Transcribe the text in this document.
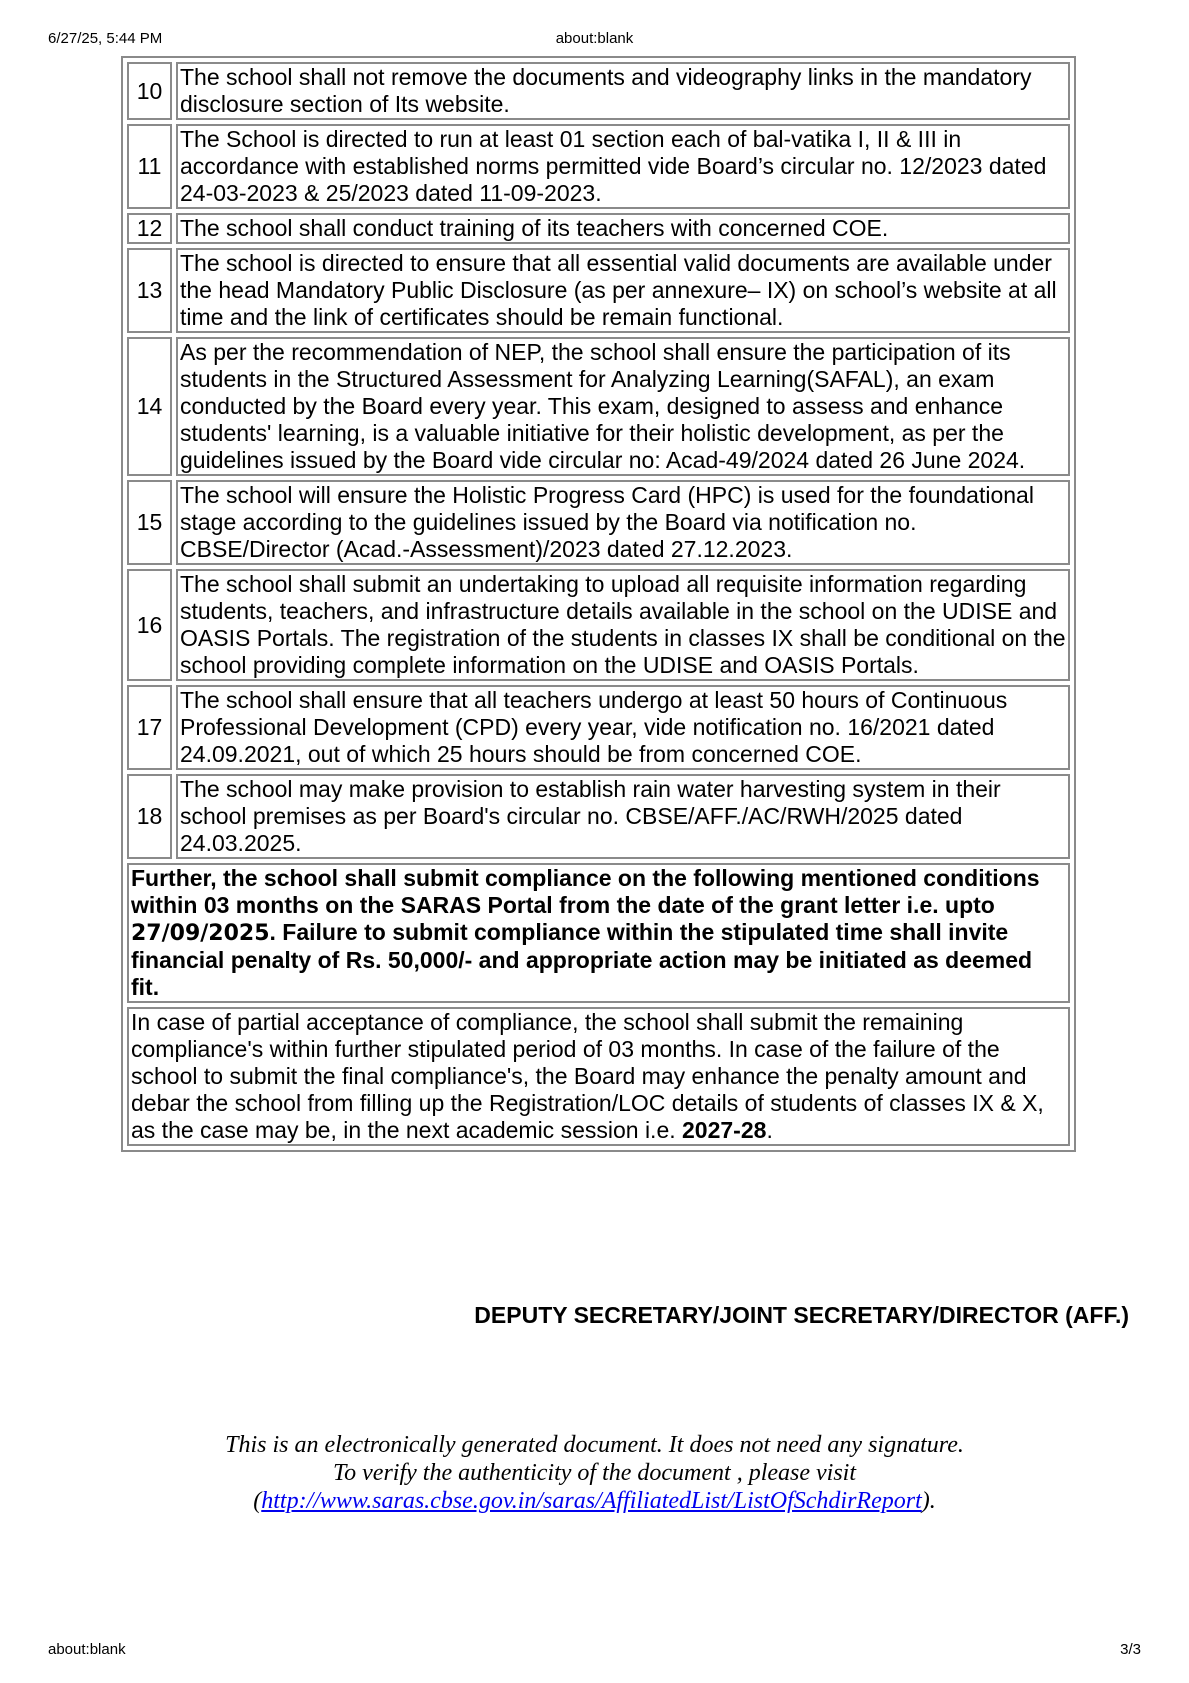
6/27/25, 5:44 PM	about:blank
10	The school shall not remove the documents and videography links in the mandatory disclosure section of Its website.
11	The School is directed to run at least 01 section each of bal-vatika I, II & III in accordance with established norms permitted vide Board’s circular no. 12/2023 dated 24-03-2023 & 25/2023 dated 11-09-2023.
12	The school shall conduct training of its teachers with concerned COE.
13	The school is directed to ensure that all essential valid documents are available under the head Mandatory Public Disclosure (as per annexure– IX) on school’s website at all time and the link of certificates should be remain functional.
14	As per the recommendation of NEP, the school shall ensure the participation of its students in the Structured Assessment for Analyzing Learning(SAFAL), an exam conducted by the Board every year. This exam, designed to assess and enhance students' learning, is a valuable initiative for their holistic development, as per the guidelines issued by the Board vide circular no: Acad-49/2024 dated 26 June 2024.
15	The school will ensure the Holistic Progress Card (HPC) is used for the foundational stage according to the guidelines issued by the Board via notification no. CBSE/Director (Acad.-Assessment)/2023 dated 27.12.2023.
16	The school shall submit an undertaking to upload all requisite information regarding students, teachers, and infrastructure details available in the school on the UDISE and OASIS Portals. The registration of the students in classes IX shall be conditional on the school providing complete information on the UDISE and OASIS Portals.
17	The school shall ensure that all teachers undergo at least 50 hours of Continuous Professional Development (CPD) every year, vide notification no. 16/2021 dated 24.09.2021, out of which 25 hours should be from concerned COE.
18	The school may make provision to establish rain water harvesting system in their school premises as per Board's circular no. CBSE/AFF./AC/RWH/2025 dated 24.03.2025.
Further, the school shall submit compliance on the following mentioned conditions within 03 months on the SARAS Portal from the date of the grant letter i.e. upto 27/09/2025. Failure to submit compliance within the stipulated time shall invite financial penalty of Rs. 50,000/- and appropriate action may be initiated as deemed fit.	
In case of partial acceptance of compliance, the school shall submit the remaining compliance's within further stipulated period of 03 months. In case of the failure of the school to submit the final compliance's, the Board may enhance the penalty amount and debar the school from filling up the Registration/LOC details of students of classes IX & X, as the case may be, in the next academic session i.e. 2027-28.	
DEPUTY SECRETARY/JOINT SECRETARY/DIRECTOR (AFF.)
This is an electronically generated document. It does not need any signature.
To verify the authenticity of the document , please visit
(http://www.saras.cbse.gov.in/saras/AffiliatedList/ListOfSchdirReport).
about:blank	3/3
